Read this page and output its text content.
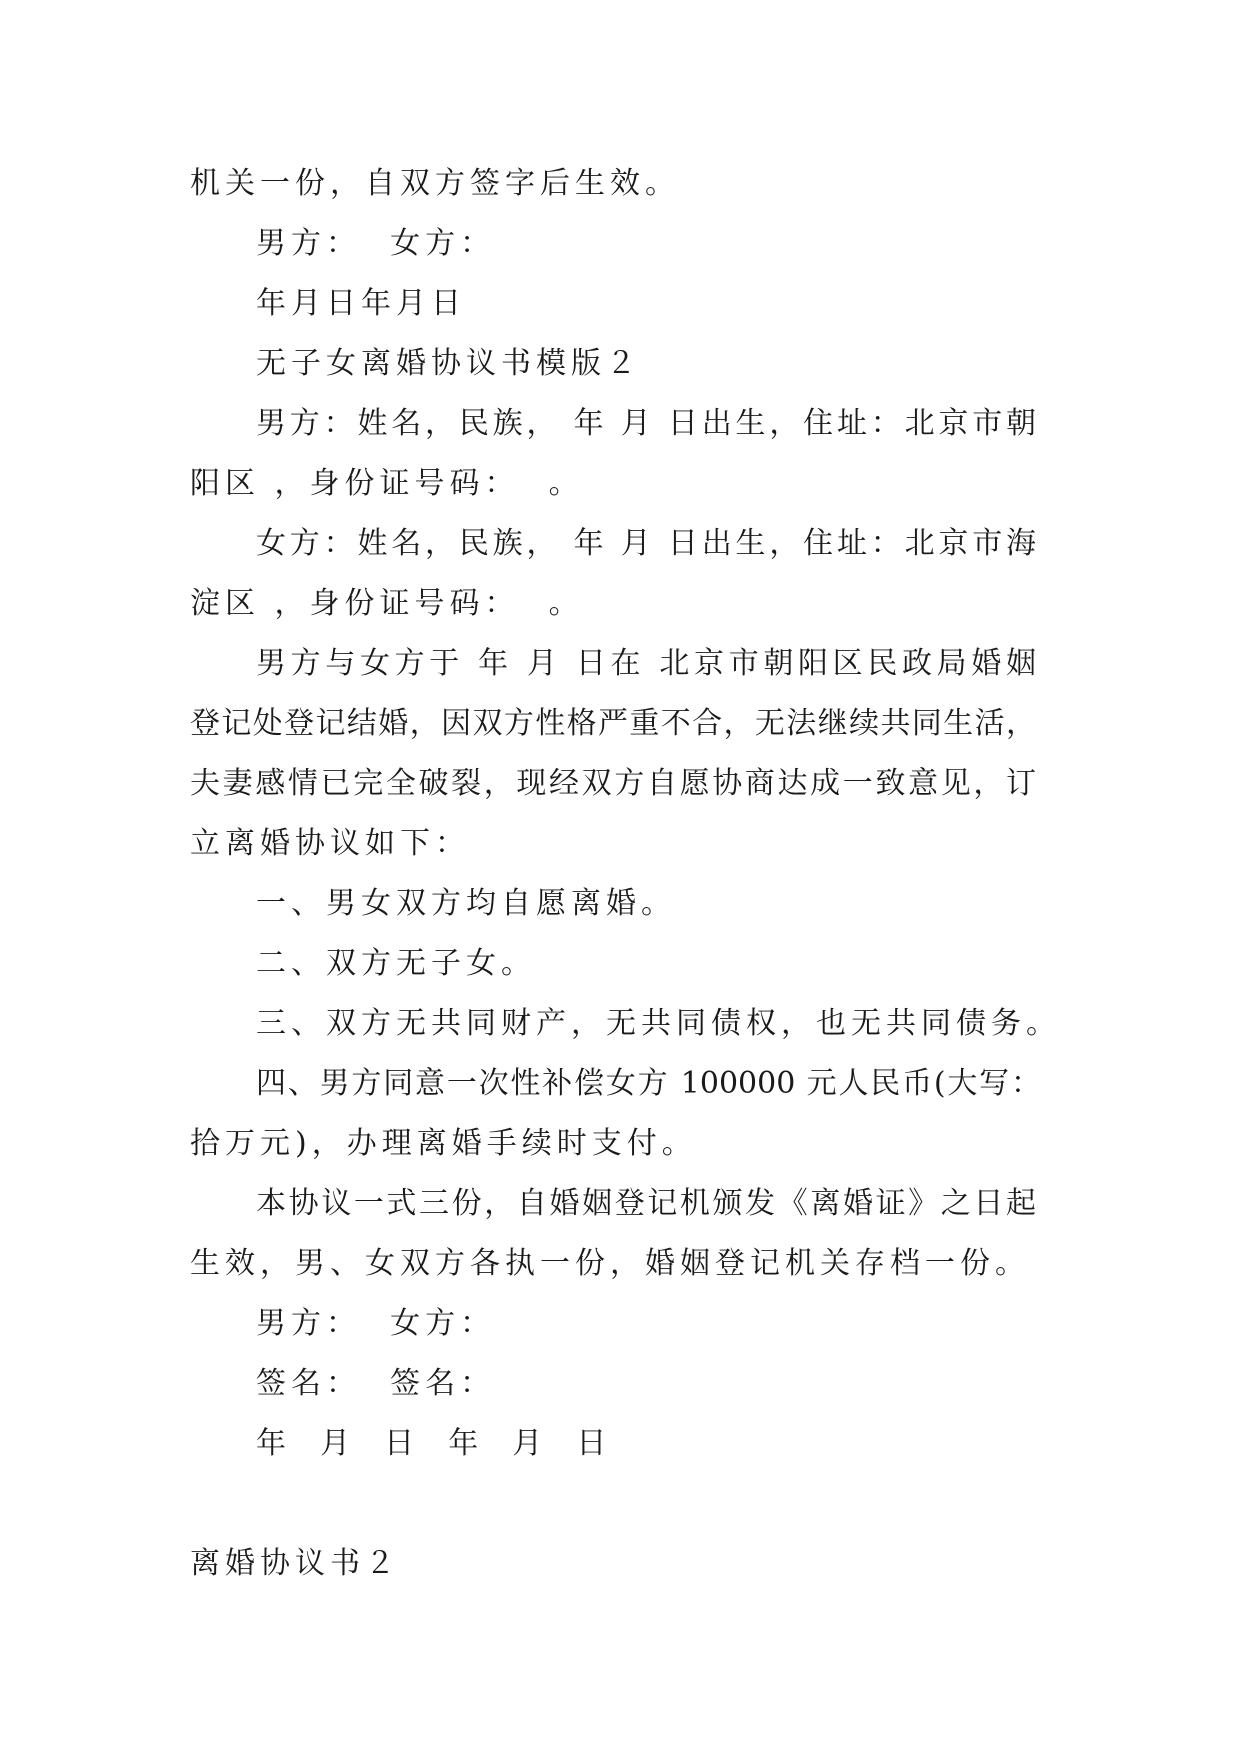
机关一份，自双方签字后生效。
男方：  女方：
年月日年月日
无子女离婚协议书模版２
男方：姓名，民族， 年 月 日出生，住址：北京市朝
阳区 ，身份证号码：  。
女方：姓名，民族， 年 月 日出生，住址：北京市海
淀区 ，身份证号码：  。
男方与女方于 年 月 日在 北京市朝阳区民政局婚姻
登记处登记结婚，因双方性格严重不合，无法继续共同生活，
夫妻感情已完全破裂，现经双方自愿协商达成一致意见，订
立离婚协议如下：
一、男女双方均自愿离婚。
二、双方无子女。
三、双方无共同财产，无共同债权，也无共同债务。
四、男方同意一次性补偿女方 100000 元人民币(大写：
拾万元)，办理离婚手续时支付。
本协议一式三份，自婚姻登记机颁发《离婚证》之日起
生效，男、女双方各执一份，婚姻登记机关存档一份。
男方：  女方：
签名：  签名：
年  月  日  年  月  日
离婚协议书２
